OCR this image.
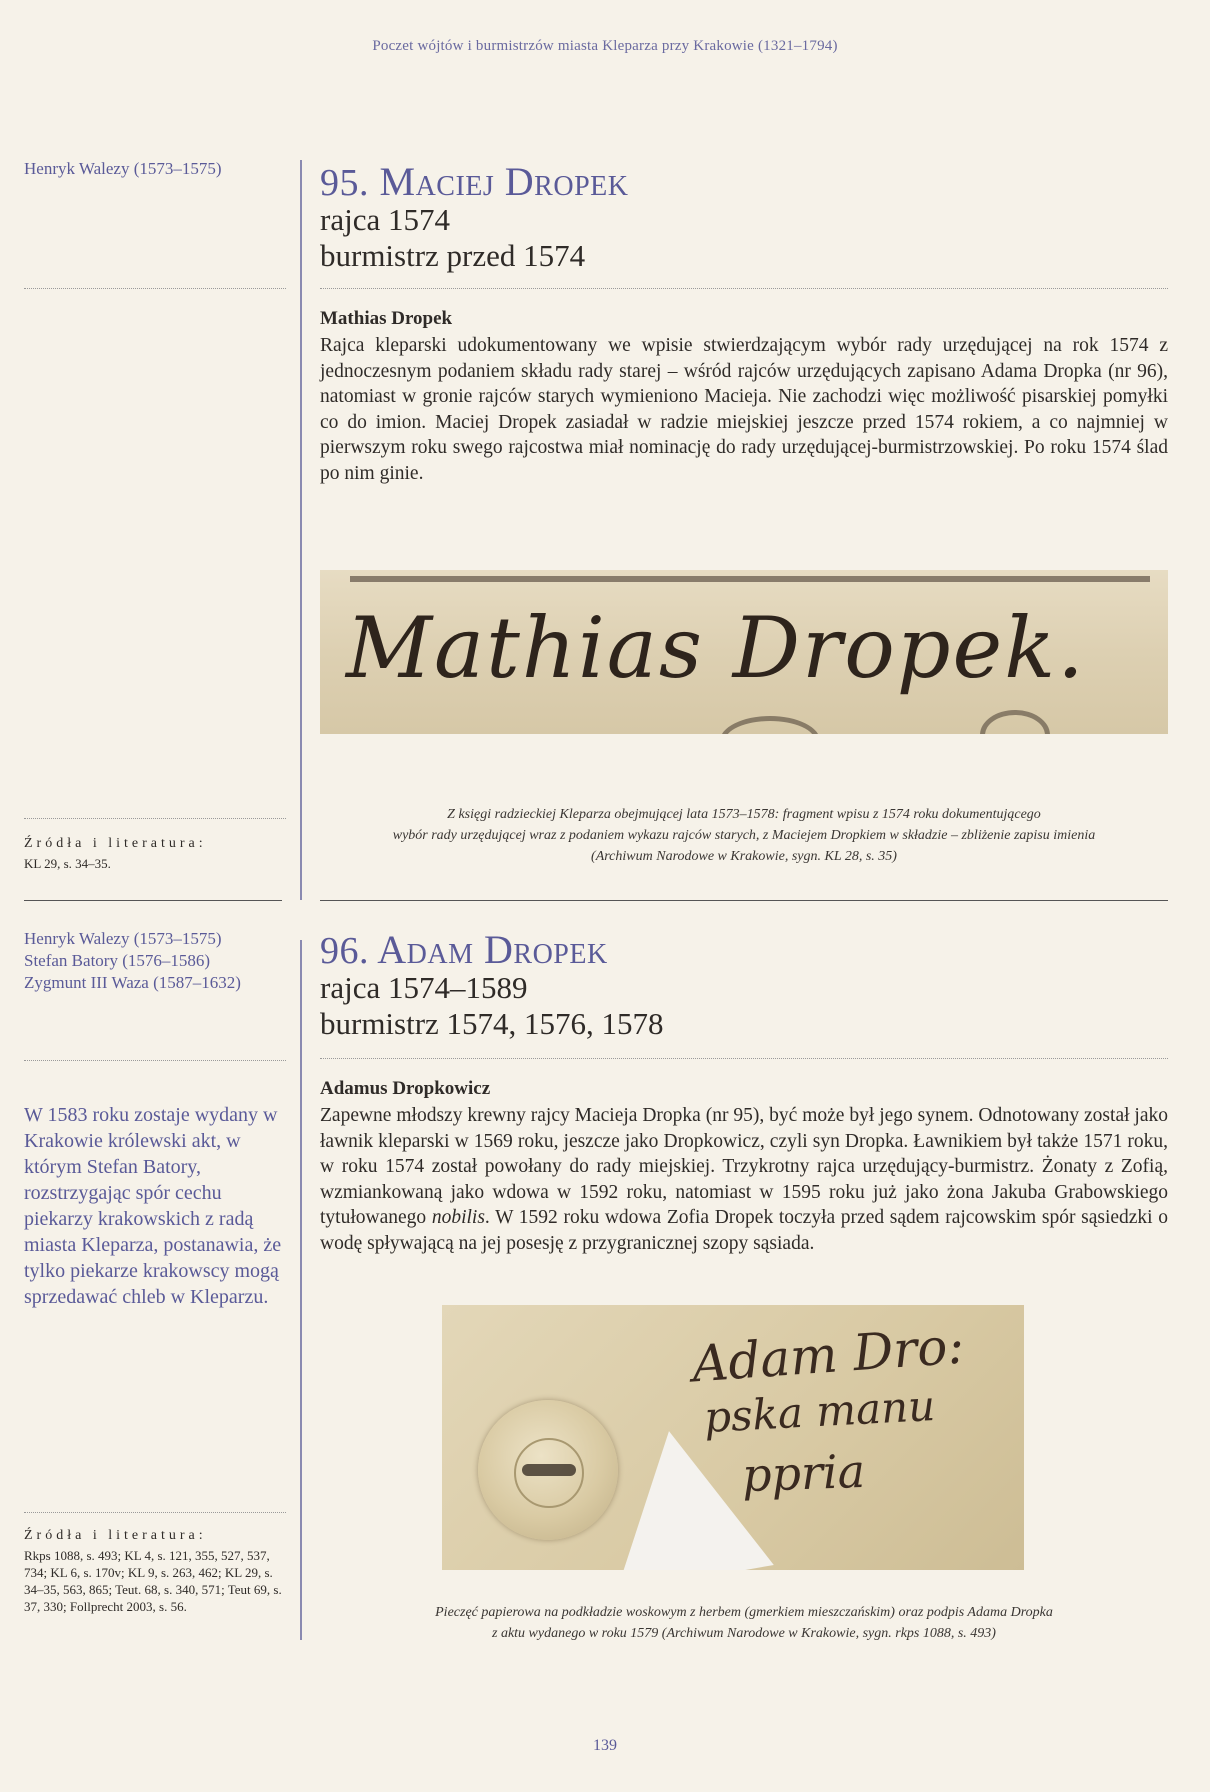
Poczet wójtów i burmistrzów miasta Kleparza przy Krakowie (1321–1794)
Henryk Walezy (1573–1575)	95. Maciej Dropek
rajca 1574
burmistrz przed 1574
Mathias Dropek
Rajca kleparski udokumentowany we wpisie stwierdzającym wybór rady urzędującej na rok 1574 z jednoczesnym podaniem składu rady starej – wśród rajców urzędujących zapisano Adama Dropka (nr 96), natomiast w gronie rajców starych wymieniono Macieja. Nie zachodzi więc możliwość pisarskiej pomyłki co do imion. Maciej Dropek zasiadał w radzie miejskiej jeszcze przed 1574 rokiem, a co najmniej w pierwszym roku swego rajcostwa miał nominację do rady urzędującej-burmistrzowskiej. Po roku 1574 ślad po nim ginie.
Mathias Dropek.
Z księgi radzieckiej Kleparza obejmującej lata 1573–1578: fragment wpisu z 1574 roku dokumentującego
wybór rady urzędującej wraz z podaniem wykazu rajców starych, z Maciejem Dropkiem w składzie – zbliżenie zapisu imienia
(Archiwum Narodowe w Krakowie, sygn. KL 28, s. 35)
Źródła i literatura:
KL 29, s. 34–35.
Henryk Walezy (1573–1575)
Stefan Batory (1576–1586)
Zygmunt III Waza (1587–1632)
96. Adam Dropek
rajca 1574–1589
burmistrz 1574, 1576, 1578
Adamus Dropkowicz
Zapewne młodszy krewny rajcy Macieja Dropka (nr 95), być może był jego synem. Odnotowany został jako ławnik kleparski w 1569 roku, jeszcze jako Dropkowicz, czyli syn Dropka. Ławnikiem był także 1571 roku, w roku 1574 został powołany do rady miejskiej. Trzykrotny rajca urzędujący-burmistrz. Żonaty z Zofią, wzmiankowaną jako wdowa w 1592 roku, natomiast w 1595 roku już jako żona Jakuba Grabowskiego tytułowanego nobilis. W 1592 roku wdowa Zofia Dropek toczyła przed sądem rajcowskim spór sąsiedzki o wodę spływającą na jej posesję z przygranicznej szopy sąsiada.
W 1583 roku zostaje wydany w Krakowie królewski akt, w którym Stefan Batory, rozstrzygając spór cechu piekarzy krakowskich z radą miasta Kleparza, postanawia, że tylko piekarze krakowscy mogą sprzedawać chleb w Kleparzu.
Adam Dro:
pska manu
ppria
Pieczęć papierowa na podkładzie woskowym z herbem (gmerkiem mieszczańskim) oraz podpis Adama Dropka
z aktu wydanego w roku 1579 (Archiwum Narodowe w Krakowie, sygn. rkps 1088, s. 493)
Źródła i literatura:
Rkps 1088, s. 493; KL 4, s. 121, 355, 527, 537, 734; KL 6, s. 170v; KL 9, s. 263, 462; KL 29, s. 34–35, 563, 865; Teut. 68, s. 340, 571; Teut 69, s. 37, 330; Follprecht 2003, s. 56.
139
